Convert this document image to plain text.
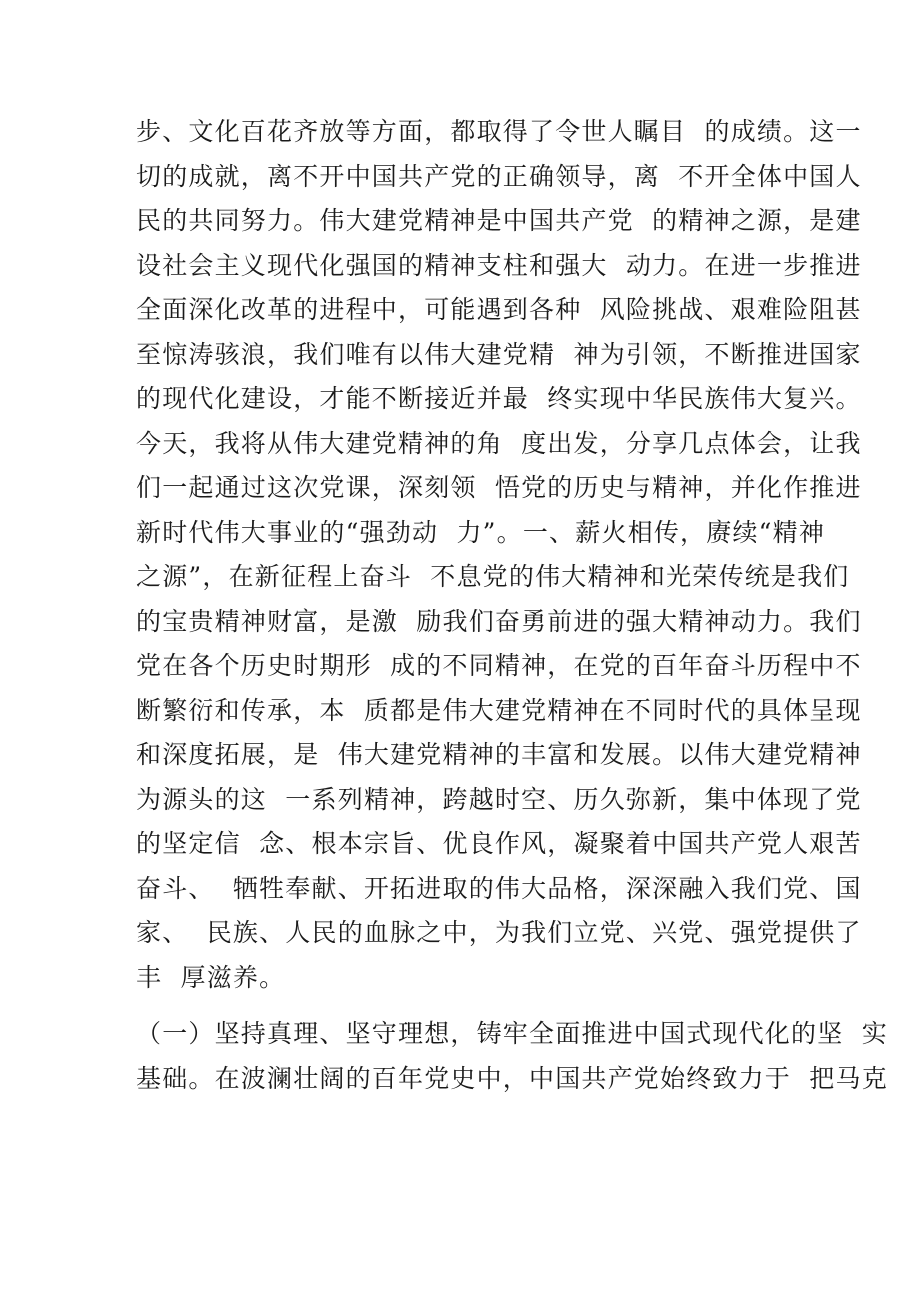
步、文化百花齐放等方面，都取得了令世人瞩目  的成绩。这一
切的成就，离不开中国共产党的正确领导，离  不开全体中国人
民的共同努力。伟大建党精神是中国共产党  的精神之源，是建
设社会主义现代化强国的精神支柱和强大  动力。在进一步推进
全面深化改革的进程中，可能遇到各种  风险挑战、艰难险阻甚
至惊涛骇浪，我们唯有以伟大建党精  神为引领，不断推进国家
的现代化建设，才能不断接近并最  终实现中华民族伟大复兴。
今天，我将从伟大建党精神的角  度出发，分享几点体会，让我
们一起通过这次党课，深刻领  悟党的历史与精神，并化作推进
新时代伟大事业的“强劲动  力”。一、薪火相传，赓续“精神
之源”，在新征程上奋斗  不息党的伟大精神和光荣传统是我们
的宝贵精神财富，是激  励我们奋勇前进的强大精神动力。我们
党在各个历史时期形  成的不同精神，在党的百年奋斗历程中不
断繁衍和传承，本  质都是伟大建党精神在不同时代的具体呈现
和深度拓展，是  伟大建党精神的丰富和发展。以伟大建党精神
为源头的这  一系列精神，跨越时空、历久弥新，集中体现了党
的坚定信  念、根本宗旨、优良作风，凝聚着中国共产党人艰苦
奋斗、  牺牲奉献、开拓进取的伟大品格，深深融入我们党、国
家、  民族、人民的血脉之中，为我们立党、兴党、强党提供了
丰  厚滋养。
（一）坚持真理、坚守理想，铸牢全面推进中国式现代化的坚  实
基础。在波澜壮阔的百年党史中，中国共产党始终致力于  把马克
